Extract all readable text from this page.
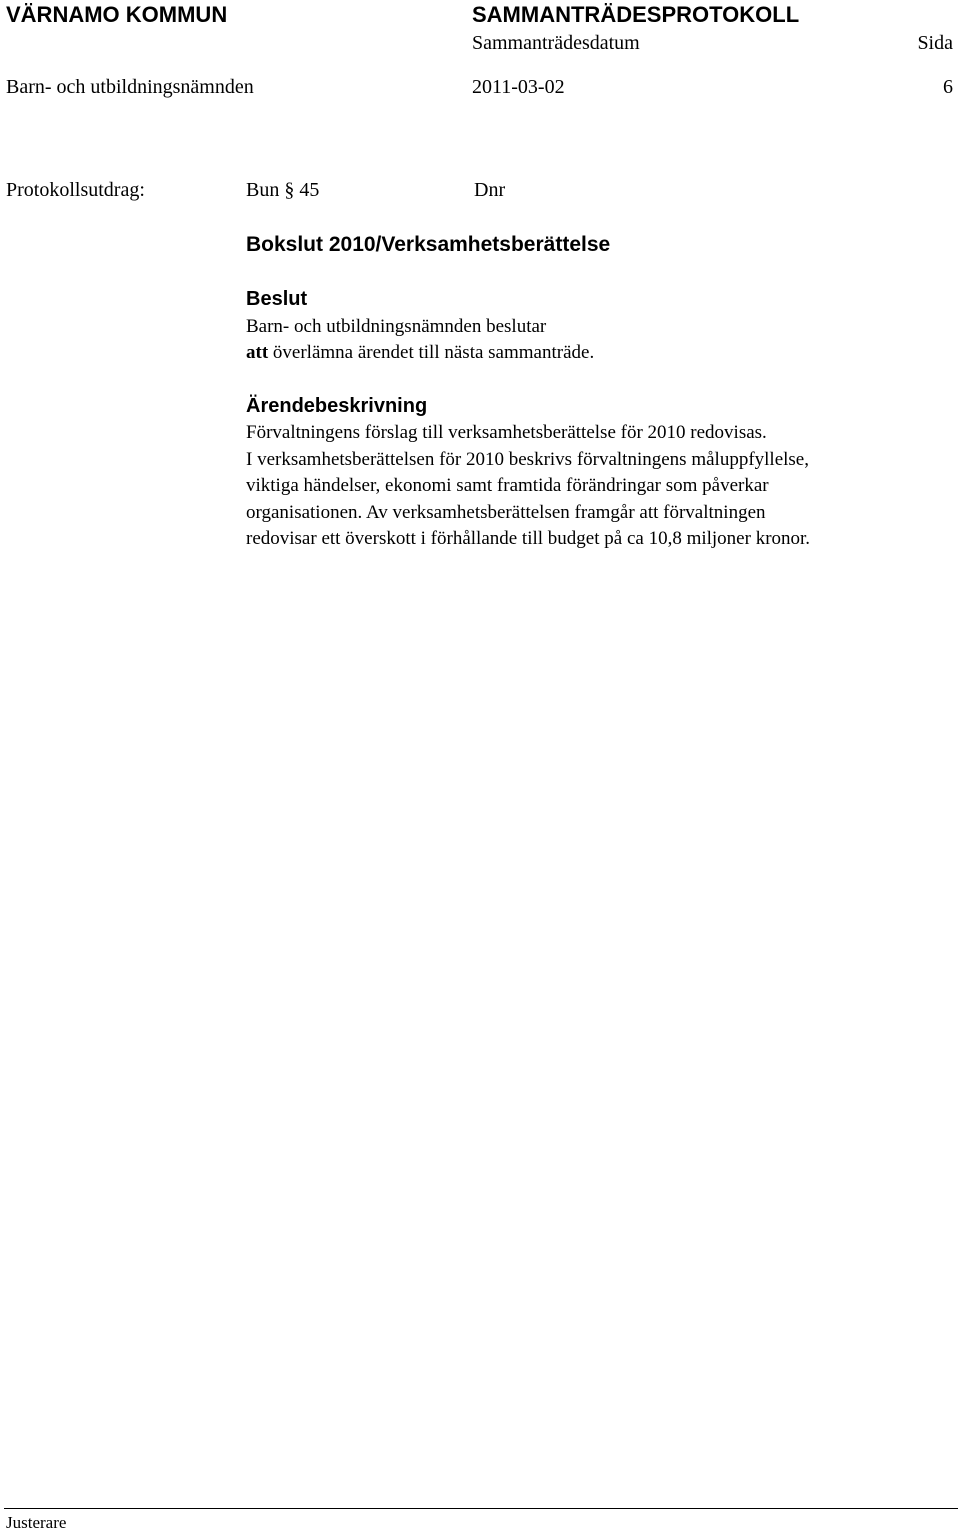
VÄRNAMO KOMMUN	SAMMANTRÄDESPROTOKOLL
Sammanträdesdatum	Sida
Barn- och utbildningsnämnden	2011-03-02	6
Protokollsutdrag:	Bun § 45	Dnr
Bokslut 2010/Verksamhetsberättelse
Beslut
Barn- och utbildningsnämnden beslutar
att överlämna ärendet till nästa sammanträde.
Ärendebeskrivning
Förvaltningens förslag till verksamhetsberättelse för 2010 redovisas.
I verksamhetsberättelsen för 2010 beskrivs förvaltningens måluppfyllelse,
viktiga händelser, ekonomi samt framtida förändringar som påverkar
organisationen. Av verksamhetsberättelsen framgår att förvaltningen
redovisar ett överskott i förhållande till budget på ca 10,8 miljoner kronor.
Justerare
